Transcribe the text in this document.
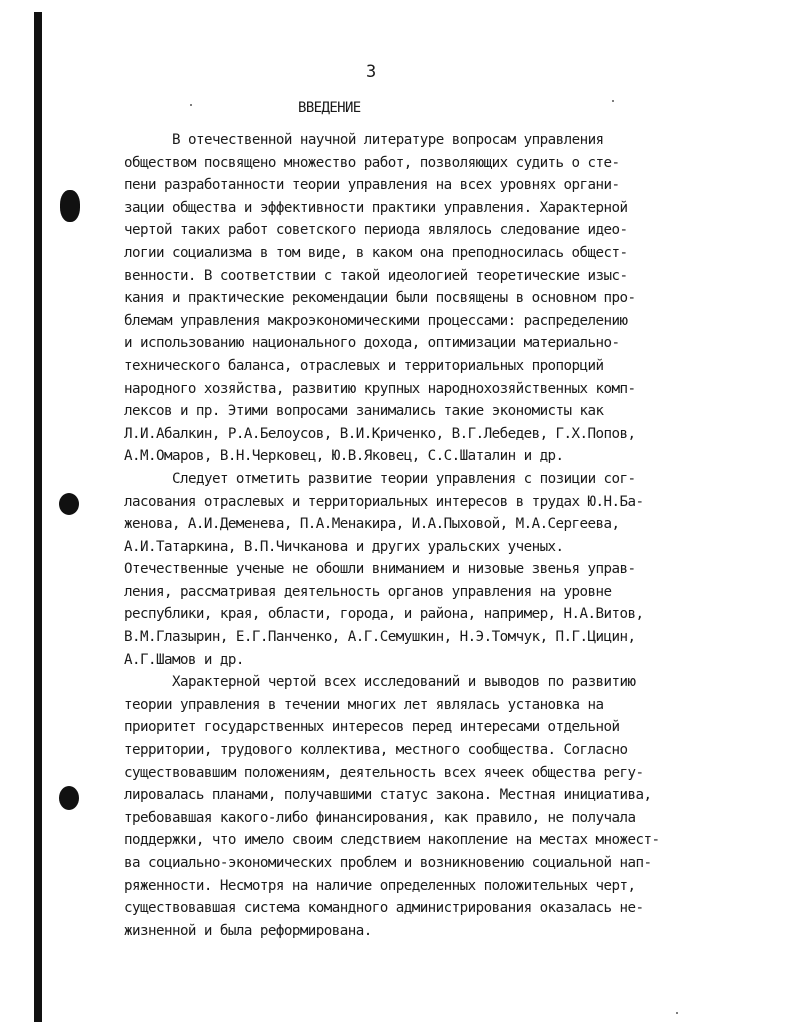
3
ВВЕДЕНИЕ
В отечественной научной литературе вопросам управления
обществом посвящено множество работ, позволяющих судить о сте-
пени разработанности теории управления на всех уровнях органи-
зации общества и эффективности практики управления. Характерной
чертой таких работ советского периода являлось следование идео-
логии социализма в том виде, в каком она преподносилась общест-
венности. В соответствии с такой идеологией теоретические изыс-
кания и практические рекомендации были посвящены в основном про-
блемам управления макроэкономическими процессами: распределению
и использованию национального дохода, оптимизации материально-
технического баланса, отраслевых и территориальных пропорций
народного хозяйства, развитию крупных народнохозяйственных комп-
лексов и пр. Этими вопросами занимались такие экономисты как
Л.И.Абалкин, Р.А.Белоусов, В.И.Криченко, В.Г.Лебедев, Г.Х.Попов,
А.М.Омаров, В.Н.Черковец, Ю.В.Яковец, С.С.Шаталин и др.
Следует отметить развитие теории управления с позиции сог-
ласования отраслевых и территориальных интересов в трудах Ю.Н.Ба-
женова, А.И.Деменева, П.А.Менакира, И.А.Пыховой, М.А.Сергеева,
А.И.Татаркина, В.П.Чичканова и других уральских ученых.
Отечественные ученые не обошли вниманием и низовые звенья управ-
ления, рассматривая деятельность органов управления на уровне
республики, края, области, города, и района, например, Н.А.Витов,
В.М.Глазырин, Е.Г.Панченко, А.Г.Семушкин, Н.Э.Томчук, П.Г.Цицин,
А.Г.Шамов и др.
Характерной чертой всех исследований и выводов по развитию
теории управления в течении многих лет являлась установка на
приоритет государственных интересов перед интересами отдельной
территории, трудового коллектива, местного сообщества. Согласно
существовавшим положениям, деятельность всех ячеек общества регу-
лировалась планами, получавшими статус закона. Местная инициатива,
требовавшая какого-либо финансирования, как правило, не получала
поддержки, что имело своим следствием накопление на местах множест-
ва социально-экономических проблем и возникновению социальной нап-
ряженности. Несмотря на наличие определенных положительных черт,
существовавшая система командного администрирования оказалась не-
жизненной и была реформирована.
